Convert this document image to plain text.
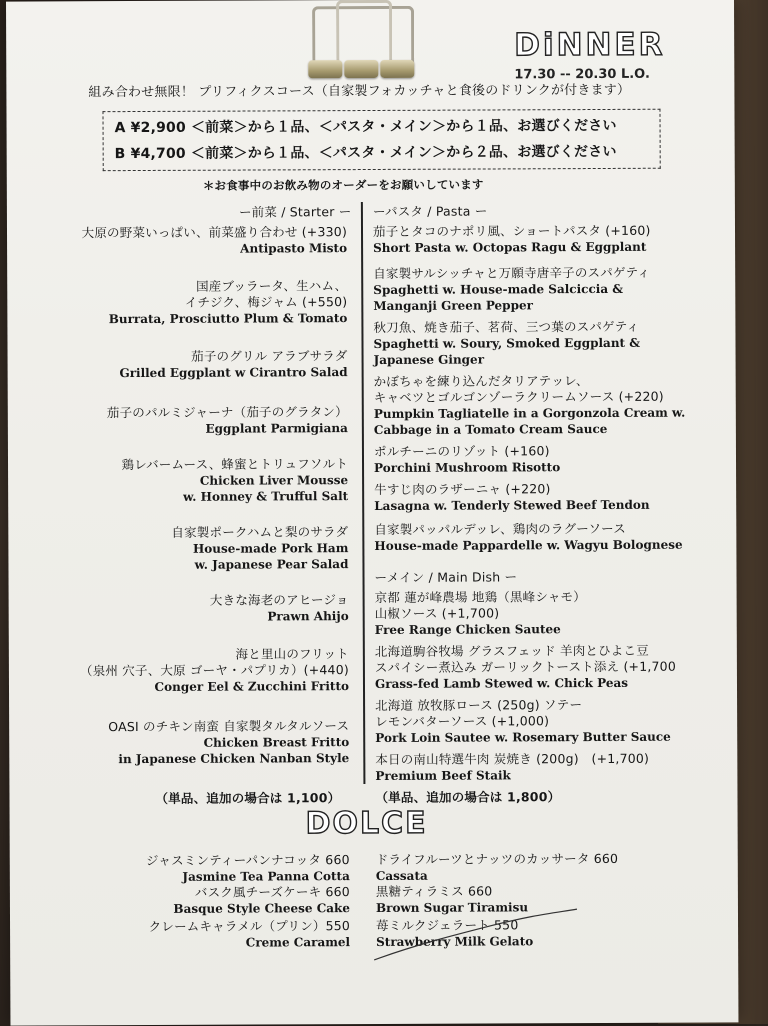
DiNNER
17.30 -- 20.30 L.O.
組み合わせ無限！ プリフィクスコース（自家製フォカッチャと食後のドリンクが付きます）
A ¥2,900 ＜前菜＞から１品、＜パスタ・メイン＞から１品、お選びください
B ¥4,700 ＜前菜＞から１品、＜パスタ・メイン＞から２品、お選びください
＊お食事中のお飲み物のオーダーをお願いしています
ー前菜 / Starter ー
大原の野菜いっぱい、前菜盛り合わせ (+330)
Antipasto Misto
国産ブッラータ、生ハム、
イチジク、梅ジャム (+550)
Burrata, Prosciutto Plum & Tomato
茄子のグリル アラブサラダ
Grilled Eggplant w Cirantro Salad
茄子のパルミジャーナ（茄子のグラタン）
Eggplant Parmigiana
鶏レバームース、蜂蜜とトリュフソルト
Chicken Liver Mousse
w. Honney & Trufful Salt
自家製ポークハムと梨のサラダ
House-made Pork Ham
w. Japanese Pear Salad
大きな海老のアヒージョ
Prawn Ahijo
海と里山のフリット
（泉州 穴子、大原 ゴーヤ・パプリカ）(+440)
Conger Eel & Zucchini Fritto
OASI のチキン南蛮 自家製タルタルソース
Chicken Breast Fritto
in Japanese Chicken Nanban Style
（単品、追加の場合は 1,100）
ーパスタ / Pasta ー
茄子とタコのナポリ風、ショートパスタ (+160)
Short Pasta w. Octopas Ragu & Eggplant
自家製サルシッチャと万願寺唐辛子のスパゲティ
Spaghetti w. House-made Salciccia &
Manganji Green Pepper
秋刀魚、焼き茄子、茗荷、三つ葉のスパゲティ
Spaghetti w. Soury, Smoked Eggplant &
Japanese Ginger
かぼちゃを練り込んだタリアテッレ、
キャベツとゴルゴンゾーラクリームソース (+220)
Pumpkin Tagliatelle in a Gorgonzola Cream w.
Cabbage in a Tomato Cream Sauce
ポルチーニのリゾット (+160)
Porchini Mushroom Risotto
牛すじ肉のラザーニャ (+220)
Lasagna w. Tenderly Stewed Beef Tendon
自家製パッパルデッレ、鶏肉のラグーソース
House-made Pappardelle w. Wagyu Bolognese
ーメイン / Main Dish ー
京都 蓮が峰農場 地鶏（黒峰シャモ）
山椒ソース (+1,700)
Free Range Chicken Sautee
北海道駒谷牧場 グラスフェッド 羊肉とひよこ豆
スパイシー煮込み ガーリックトースト添え (+1,700
Grass-fed Lamb Stewed w. Chick Peas
北海道 放牧豚ロース (250g) ソテー
レモンバターソース (+1,000)
Pork Loin Sautee w. Rosemary Butter Sauce
本日の南山特選牛肉 炭焼き (200g)　(+1,700)
Premium Beef Staik
（単品、追加の場合は 1,800）
DOLCE
ジャスミンティーパンナコッタ 660
Jasmine Tea Panna Cotta
バスク風チーズケーキ 660
Basque Style Cheese Cake
クレームキャラメル（プリン）550
Creme Caramel
ドライフルーツとナッツのカッサータ 660
Cassata
黒糖ティラミス 660
Brown Sugar Tiramisu
苺ミルクジェラート 550
Strawberry Milk Gelato
